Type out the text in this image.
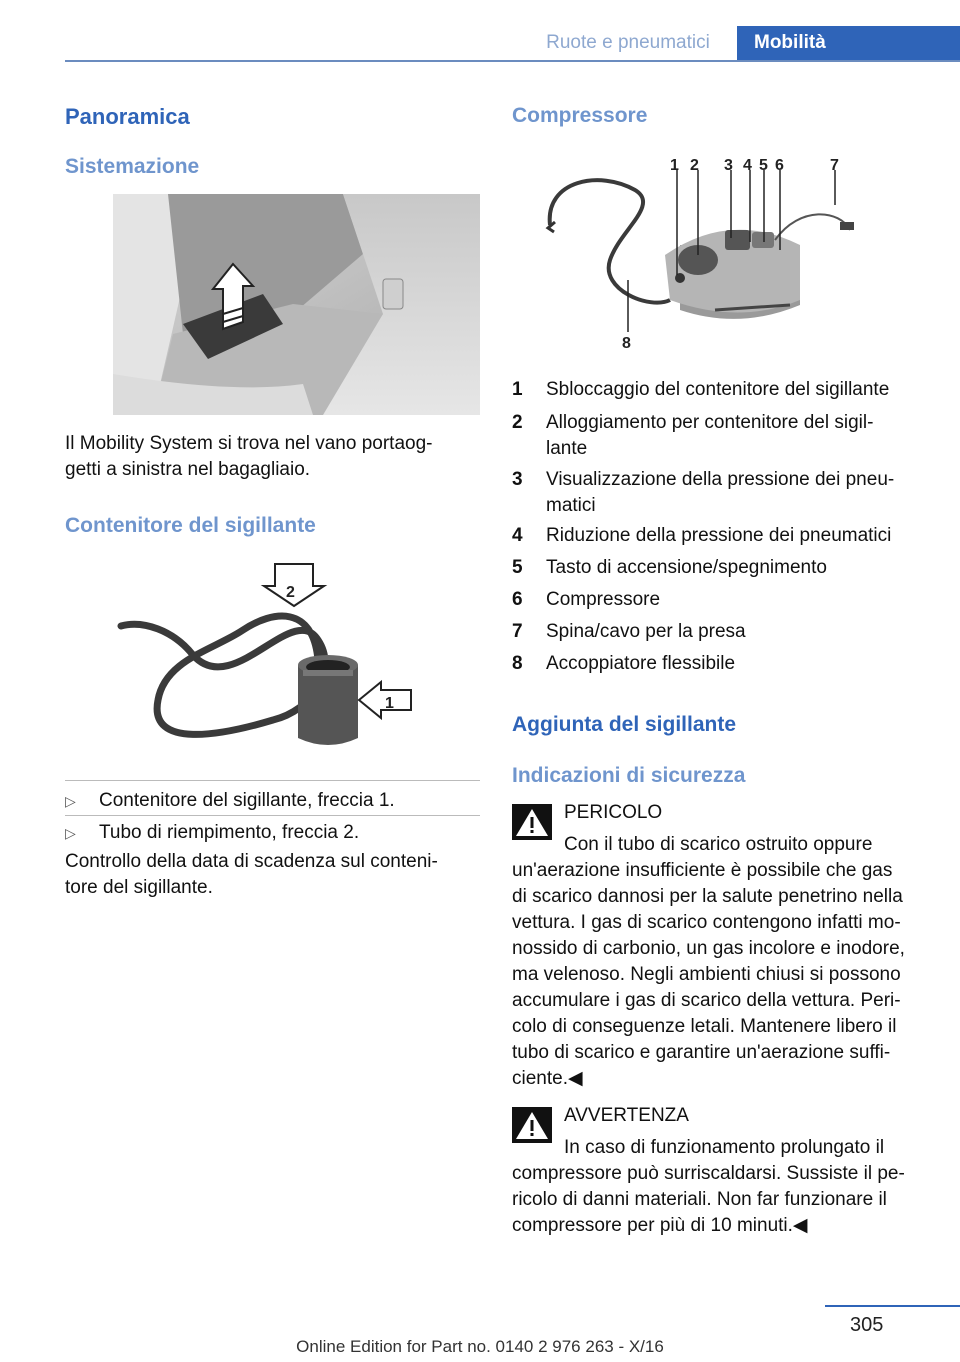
Ruote e pneumatici	Mobilità
Panoramica
Sistemazione
Il Mobility System si trova nel vano portaog‐
getti a sinistra nel bagagliaio.
Contenitore del sigillante
2
1
▷ Contenitore del sigillante, freccia 1.
▷ Tubo di riempimento, freccia 2.
Controllo della data di scadenza sul conteni‐
tore del sigillante.
Compressore
1 2 3 4 5 6	7
8
1 Sbloccaggio del contenitore del sigillante
2 Alloggiamento per contenitore del sigil‐
lante
3 Visualizzazione della pressione dei pneu‐
matici
4 Riduzione della pressione dei pneumatici
5 Tasto di accensione/spegnimento
6 Compressore
7 Spina/cavo per la presa
8 Accoppiatore flessibile
Aggiunta del sigillante
Indicazioni di sicurezza
PERICOLO
Con il tubo di scarico ostruito oppure
un'aerazione insufficiente è possibile che gas
di scarico dannosi per la salute penetrino nella
vettura. I gas di scarico contengono infatti mo‐
nossido di carbonio, un gas incolore e inodore,
ma velenoso. Negli ambienti chiusi si possono
accumulare i gas di scarico della vettura. Peri‐
colo di conseguenze letali. Mantenere libero il
tubo di scarico e garantire un'aerazione suffi‐
ciente.◀
AVVERTENZA
In caso di funzionamento prolungato il
compressore può surriscaldarsi. Sussiste il pe‐
ricolo di danni materiali. Non far funzionare il
compressore per più di 10 minuti.◀
305
Online Edition for Part no. 0140 2 976 263 - X/16
